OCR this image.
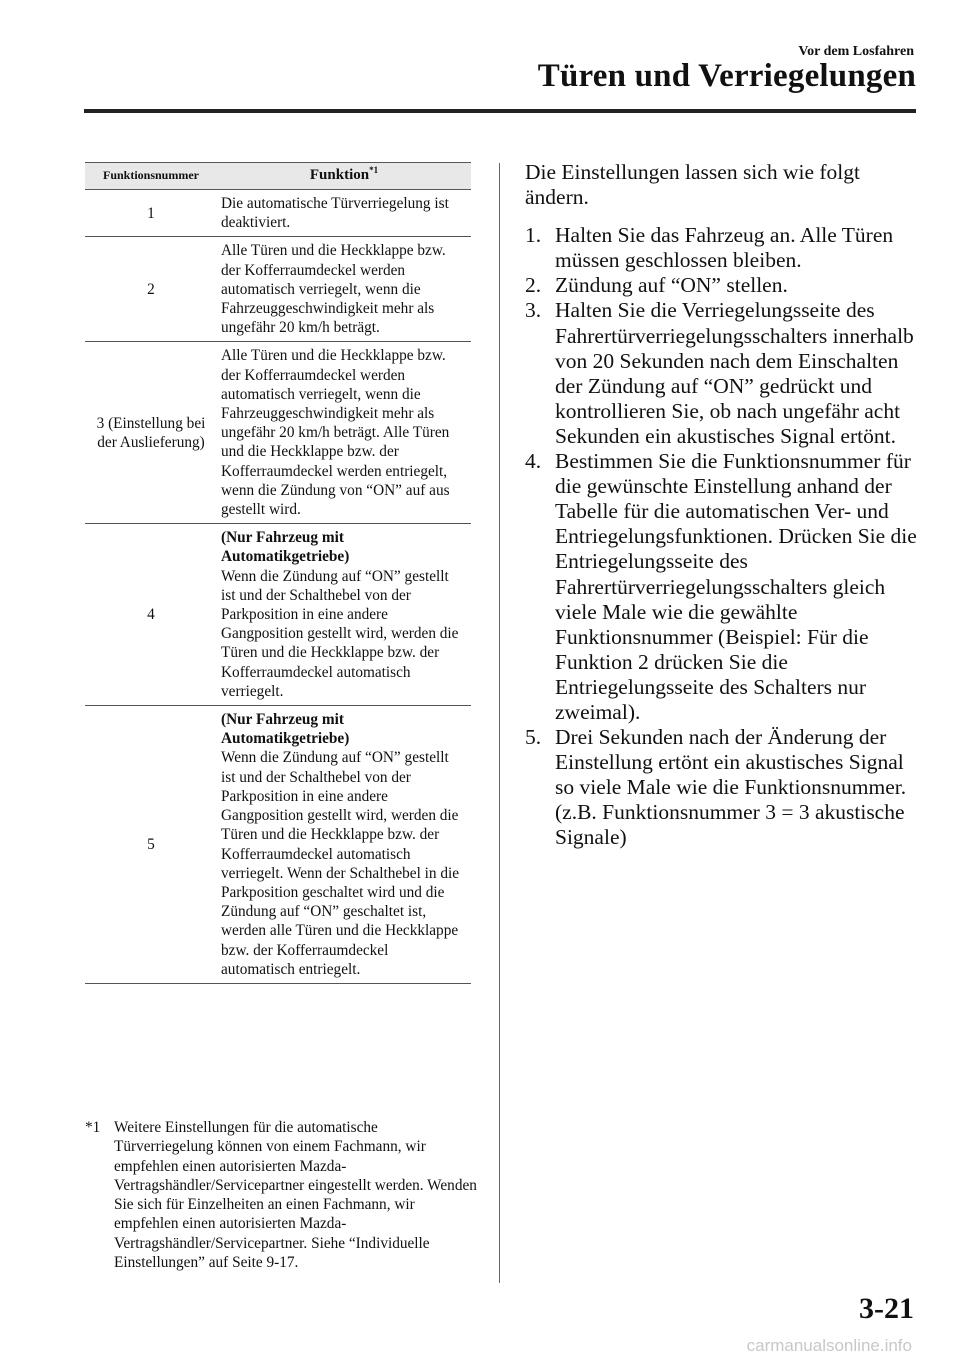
Vor dem Losfahren
Türen und Verriegelungen
Funktionsnummer	Funktion$^{*1}$
1	Die automatische Türverriegelung ist deaktiviert.
2	Alle Türen und die Heckklappe bzw. der Kofferraumdeckel werden automatisch verriegelt, wenn die Fahrzeuggeschwindigkeit mehr als ungefähr 20 km/h beträgt.
3 (Einstellung bei der Auslieferung)	Alle Türen und die Heckklappe bzw. der Kofferraumdeckel werden automatisch verriegelt, wenn die Fahrzeuggeschwindigkeit mehr als ungefähr 20 km/h beträgt. Alle Türen und die Heckklappe bzw. der Kofferraumdeckel werden entriegelt, wenn die Zündung von “ON” auf aus gestellt wird.
4	(Nur Fahrzeug mit Automatikgetriebe)
Wenn die Zündung auf “ON” gestellt ist und der Schalthebel von der Parkposition in eine andere Gangposition gestellt wird, werden die Türen und die Heckklappe bzw. der Kofferraumdeckel automatisch verriegelt.
5	(Nur Fahrzeug mit Automatikgetriebe)
Wenn die Zündung auf “ON” gestellt ist und der Schalthebel von der Parkposition in eine andere Gangposition gestellt wird, werden die Türen und die Heckklappe bzw. der Kofferraumdeckel automatisch verriegelt. Wenn der Schalthebel in die Parkposition geschaltet wird und die Zündung auf “ON” geschaltet ist, werden alle Türen und die Heckklappe bzw. der Kofferraumdeckel automatisch entriegelt.
*1 Weitere Einstellungen für die automatische Türverriegelung können von einem Fachmann, wir empfehlen einen autorisierten Mazda-Vertragshändler/Servicepartner eingestellt werden. Wenden Sie sich für Einzelheiten an einen Fachmann, wir empfehlen einen autorisierten Mazda-Vertragshändler/Servicepartner. Siehe “Individuelle Einstellungen” auf Seite 9-17.

Die Einstellungen lassen sich wie folgt ändern.

1. Halten Sie das Fahrzeug an. Alle Türen müssen geschlossen bleiben.
2. Zündung auf “ON” stellen.
3. Halten Sie die Verriegelungsseite des Fahrertürverriegelungsschalters innerhalb von 20 Sekunden nach dem Einschalten der Zündung auf “ON” gedrückt und kontrollieren Sie, ob nach ungefähr acht Sekunden ein akustisches Signal ertönt.
4. Bestimmen Sie die Funktionsnummer für die gewünschte Einstellung anhand der Tabelle für die automatischen Ver- und Entriegelungsfunktionen. Drücken Sie die Entriegelungsseite des Fahrertürverriegelungsschalters gleich viele Male wie die gewählte Funktionsnummer (Beispiel: Für die Funktion 2 drücken Sie die Entriegelungsseite des Schalters nur zweimal).
5. Drei Sekunden nach der Änderung der Einstellung ertönt ein akustisches Signal so viele Male wie die Funktionsnummer. (z.B. Funktionsnummer 3 = 3 akustische Signale)
3-21
carmanualsonline.info
